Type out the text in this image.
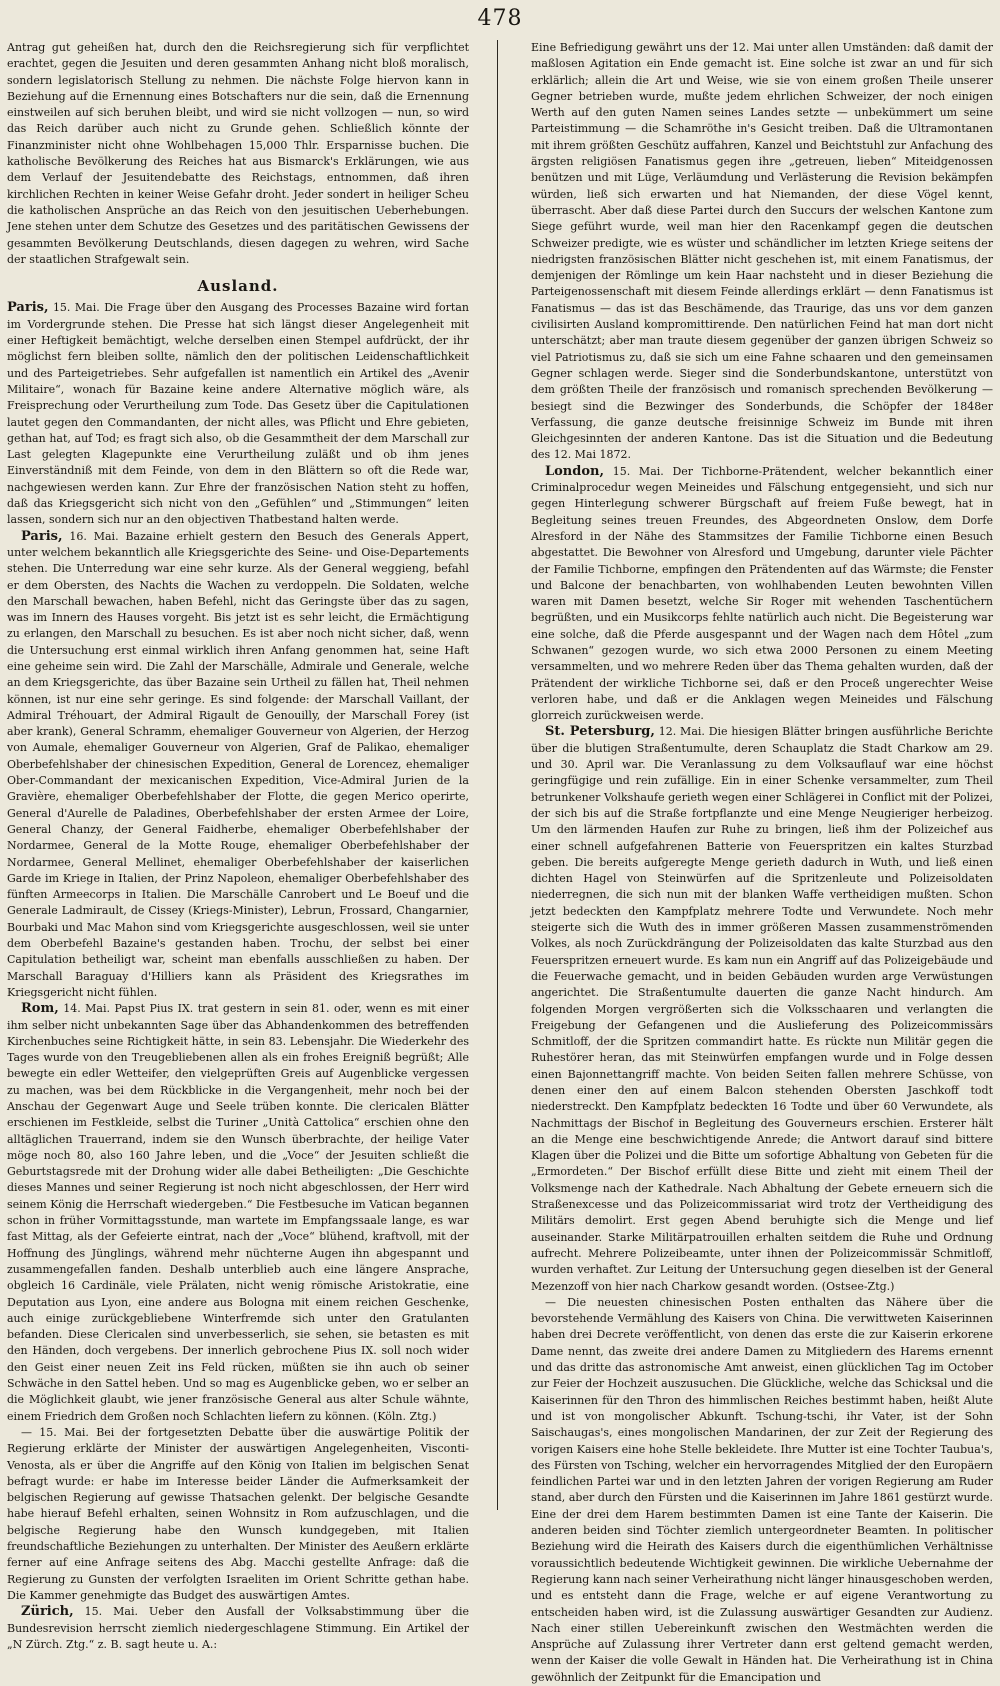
478

Antrag gut geheißen hat, durch den die Reichsregierung sich für verpflichtet erachtet, gegen die Jesuiten und deren gesammten Anhang nicht bloß moralisch, sondern legislatorisch Stellung zu nehmen. Die nächste Folge hiervon kann in Beziehung auf die Ernennung eines Botschafters nur die sein, daß die Ernennung einstweilen auf sich beruhen bleibt, und wird sie nicht vollzogen — nun, so wird das Reich darüber auch nicht zu Grunde gehen. Schließlich könnte der Finanzminister nicht ohne Wohlbehagen 15,000 Thlr. Ersparnisse buchen. Die katholische Bevölkerung des Reiches hat aus Bismarck's Erklärungen, wie aus dem Verlauf der Jesuitendebatte des Reichstags, entnommen, daß ihren kirchlichen Rechten in keiner Weise Gefahr droht. Jeder sondert in heiliger Scheu die katholischen Ansprüche an das Reich von den jesuitischen Ueberhebungen. Jene stehen unter dem Schutze des Gesetzes und des paritätischen Gewissens der gesammten Bevölkerung Deutschlands, diesen dagegen zu wehren, wird Sache der staatlichen Strafgewalt sein.

Ausland.

Paris, 15. Mai. Die Frage über den Ausgang des Processes Bazaine wird fortan im Vordergrunde stehen. Die Presse hat sich längst dieser Angelegenheit mit einer Heftigkeit bemächtigt, welche derselben einen Stempel aufdrückt, der ihr möglichst fern bleiben sollte, nämlich den der politischen Leidenschaftlichkeit und des Parteigetriebes. Sehr aufgefallen ist namentlich ein Artikel des „Avenir Militaire“, wonach für Bazaine keine andere Alternative möglich wäre, als Freisprechung oder Verurtheilung zum Tode. Das Gesetz über die Capitulationen lautet gegen den Commandanten, der nicht alles, was Pflicht und Ehre gebieten, gethan hat, auf Tod; es fragt sich also, ob die Gesammtheit der dem Marschall zur Last gelegten Klagepunkte eine Verurtheilung zuläßt und ob ihm jenes Einverständniß mit dem Feinde, von dem in den Blättern so oft die Rede war, nachgewiesen werden kann. Zur Ehre der französischen Nation steht zu hoffen, daß das Kriegsgericht sich nicht von den „Gefühlen“ und „Stimmungen“ leiten lassen, sondern sich nur an den objectiven Thatbestand halten werde.

Paris, 16. Mai. Bazaine erhielt gestern den Besuch des Generals Appert, unter welchem bekanntlich alle Kriegsgerichte des Seine- und Oise-Departements stehen. Die Unterredung war eine sehr kurze. Als der General weggieng, befahl er dem Obersten, des Nachts die Wachen zu verdoppeln. Die Soldaten, welche den Marschall bewachen, haben Befehl, nicht das Geringste über das zu sagen, was im Innern des Hauses vorgeht. Bis jetzt ist es sehr leicht, die Ermächtigung zu erlangen, den Marschall zu besuchen. Es ist aber noch nicht sicher, daß, wenn die Untersuchung erst einmal wirklich ihren Anfang genommen hat, seine Haft eine geheime sein wird. Die Zahl der Marschälle, Admirale und Generale, welche an dem Kriegsgerichte, das über Bazaine sein Urtheil zu fällen hat, Theil nehmen können, ist nur eine sehr geringe. Es sind folgende: der Marschall Vaillant, der Admiral Tréhouart, der Admiral Rigault de Genouilly, der Marschall Forey (ist aber krank), General Schramm, ehemaliger Gouverneur von Algerien, der Herzog von Aumale, ehemaliger Gouverneur von Algerien, Graf de Palikao, ehemaliger Oberbefehlshaber der chinesischen Expedition, General de Lorencez, ehemaliger Ober-Commandant der mexicanischen Expedition, Vice-Admiral Jurien de la Gravière, ehemaliger Oberbefehlshaber der Flotte, die gegen Merico operirte, General d'Aurelle de Paladines, Oberbefehlshaber der ersten Armee der Loire, General Chanzy, der General Faidherbe, ehemaliger Oberbefehlshaber der Nordarmee, General de la Motte Rouge, ehemaliger Oberbefehlshaber der Nordarmee, General Mellinet, ehemaliger Oberbefehlshaber der kaiserlichen Garde im Kriege in Italien, der Prinz Napoleon, ehemaliger Oberbefehlshaber des fünften Armeecorps in Italien. Die Marschälle Canrobert und Le Boeuf und die Generale Ladmirault, de Cissey (Kriegs-Minister), Lebrun, Frossard, Changarnier, Bourbaki und Mac Mahon sind vom Kriegsgerichte ausgeschlossen, weil sie unter dem Oberbefehl Bazaine's gestanden haben. Trochu, der selbst bei einer Capitulation betheiligt war, scheint man ebenfalls ausschließen zu haben. Der Marschall Baraguay d'Hilliers kann als Präsident des Kriegsrathes im Kriegsgericht nicht fühlen.

Rom, 14. Mai. Papst Pius IX. trat gestern in sein 81. oder, wenn es mit einer ihm selber nicht unbekannten Sage über das Abhandenkommen des betreffenden Kirchenbuches seine Richtigkeit hätte, in sein 83. Lebensjahr. Die Wiederkehr des Tages wurde von den Treugebliebenen allen als ein frohes Ereigniß begrüßt; Alle bewegte ein edler Wetteifer, den vielgeprüften Greis auf Augenblicke vergessen zu machen, was bei dem Rückblicke in die Vergangenheit, mehr noch bei der Anschau der Gegenwart Auge und Seele trüben konnte. Die clericalen Blätter erschienen im Festkleide, selbst die Turiner „Unità Cattolica“ erschien ohne den alltäglichen Trauerrand, indem sie den Wunsch überbrachte, der heilige Vater möge noch 80, also 160 Jahre leben, und die „Voce“ der Jesuiten schließt die Geburtstagsrede mit der Drohung wider alle dabei Betheiligten: „Die Geschichte dieses Mannes und seiner Regierung ist noch nicht abgeschlossen, der Herr wird seinem König die Herrschaft wiedergeben.“ Die Festbesuche im Vatican begannen schon in früher Vormittagsstunde, man wartete im Empfangssaale lange, es war fast Mittag, als der Gefeierte eintrat, nach der „Voce“ blühend, kraftvoll, mit der Hoffnung des Jünglings, während mehr nüchterne Augen ihn abgespannt und zusammengefallen fanden. Deshalb unterblieb auch eine längere Ansprache, obgleich 16 Cardinäle, viele Prälaten, nicht wenig römische Aristokratie, eine Deputation aus Lyon, eine andere aus Bologna mit einem reichen Geschenke, auch einige zurückgebliebene Winterfremde sich unter den Gratulanten befanden. Diese Clericalen sind unverbesserlich, sie sehen, sie betasten es mit den Händen, doch vergebens. Der innerlich gebrochene Pius IX. soll noch wider den Geist einer neuen Zeit ins Feld rücken, müßten sie ihn auch ob seiner Schwäche in den Sattel heben. Und so mag es Augenblicke geben, wo er selber an die Möglichkeit glaubt, wie jener französische General aus alter Schule wähnte, einem Friedrich dem Großen noch Schlachten liefern zu können. (Köln. Ztg.)

— 15. Mai. Bei der fortgesetzten Debatte über die auswärtige Politik der Regierung erklärte der Minister der auswärtigen Angelegenheiten, Visconti-Venosta, als er über die Angriffe auf den König von Italien im belgischen Senat befragt wurde: er habe im Interesse beider Länder die Aufmerksamkeit der belgischen Regierung auf gewisse Thatsachen gelenkt. Der belgische Gesandte habe hierauf Befehl erhalten, seinen Wohnsitz in Rom aufzuschlagen, und die belgische Regierung habe den Wunsch kundgegeben, mit Italien freundschaftliche Beziehungen zu unterhalten. Der Minister des Aeußern erklärte ferner auf eine Anfrage seitens des Abg. Macchi gestellte Anfrage: daß die Regierung zu Gunsten der verfolgten Israeliten im Orient Schritte gethan habe. Die Kammer genehmigte das Budget des auswärtigen Amtes.

Zürich, 15. Mai. Ueber den Ausfall der Volksabstimmung über die Bundesrevision herrscht ziemlich niedergeschlagene Stimmung. Ein Artikel der „N Zürch. Ztg.“ z. B. sagt heute u. A.:

Eine Befriedigung gewährt uns der 12. Mai unter allen Umständen: daß damit der maßlosen Agitation ein Ende gemacht ist. Eine solche ist zwar an und für sich erklärlich; allein die Art und Weise, wie sie von einem großen Theile unserer Gegner betrieben wurde, mußte jedem ehrlichen Schweizer, der noch einigen Werth auf den guten Namen seines Landes setzte — unbekümmert um seine Parteistimmung — die Schamröthe in's Gesicht treiben. Daß die Ultramontanen mit ihrem größten Geschütz auffahren, Kanzel und Beichtstuhl zur Anfachung des ärgsten religiösen Fanatismus gegen ihre „getreuen, lieben“ Miteidgenossen benützen und mit Lüge, Verläumdung und Verlästerung die Revision bekämpfen würden, ließ sich erwarten und hat Niemanden, der diese Vögel kennt, überrascht. Aber daß diese Partei durch den Succurs der welschen Kantone zum Siege geführt wurde, weil man hier den Racenkampf gegen die deutschen Schweizer predigte, wie es wüster und schändlicher im letzten Kriege seitens der niedrigsten französischen Blätter nicht geschehen ist, mit einem Fanatismus, der demjenigen der Römlinge um kein Haar nachsteht und in dieser Beziehung die Parteigenossenschaft mit diesem Feinde allerdings erklärt — denn Fanatismus ist Fanatismus — das ist das Beschämende, das Traurige, das uns vor dem ganzen civilisirten Ausland kompromittirende. Den natürlichen Feind hat man dort nicht unterschätzt; aber man traute diesem gegenüber der ganzen übrigen Schweiz so viel Patriotismus zu, daß sie sich um eine Fahne schaaren und den gemeinsamen Gegner schlagen werde. Sieger sind die Sonderbundskantone, unterstützt von dem größten Theile der französisch und romanisch sprechenden Bevölkerung — besiegt sind die Bezwinger des Sonderbunds, die Schöpfer der 1848er Verfassung, die ganze deutsche freisinnige Schweiz im Bunde mit ihren Gleichgesinnten der anderen Kantone. Das ist die Situation und die Bedeutung des 12. Mai 1872.

London, 15. Mai. Der Tichborne-Prätendent, welcher bekanntlich einer Criminalprocedur wegen Meineides und Fälschung entgegensieht, und sich nur gegen Hinterlegung schwerer Bürgschaft auf freiem Fuße bewegt, hat in Begleitung seines treuen Freundes, des Abgeordneten Onslow, dem Dorfe Alresford in der Nähe des Stammsitzes der Familie Tichborne einen Besuch abgestattet. Die Bewohner von Alresford und Umgebung, darunter viele Pächter der Familie Tichborne, empfingen den Prätendenten auf das Wärmste; die Fenster und Balcone der benachbarten, von wohlhabenden Leuten bewohnten Villen waren mit Damen besetzt, welche Sir Roger mit wehenden Taschentüchern begrüßten, und ein Musikcorps fehlte natürlich auch nicht. Die Begeisterung war eine solche, daß die Pferde ausgespannt und der Wagen nach dem Hôtel „zum Schwanen“ gezogen wurde, wo sich etwa 2000 Personen zu einem Meeting versammelten, und wo mehrere Reden über das Thema gehalten wurden, daß der Prätendent der wirkliche Tichborne sei, daß er den Proceß ungerechter Weise verloren habe, und daß er die Anklagen wegen Meineides und Fälschung glorreich zurückweisen werde.

St. Petersburg, 12. Mai. Die hiesigen Blätter bringen ausführliche Berichte über die blutigen Straßentumulte, deren Schauplatz die Stadt Charkow am 29. und 30. April war. Die Veranlassung zu dem Volksauflauf war eine höchst geringfügige und rein zufällige. Ein in einer Schenke versammelter, zum Theil betrunkener Volkshaufe gerieth wegen einer Schlägerei in Conflict mit der Polizei, der sich bis auf die Straße fortpflanzte und eine Menge Neugieriger herbeizog. Um den lärmenden Haufen zur Ruhe zu bringen, ließ ihm der Polizeichef aus einer schnell aufgefahrenen Batterie von Feuerspritzen ein kaltes Sturzbad geben. Die bereits aufgeregte Menge gerieth dadurch in Wuth, und ließ einen dichten Hagel von Steinwürfen auf die Spritzenleute und Polizeisoldaten niederregnen, die sich nun mit der blanken Waffe vertheidigen mußten. Schon jetzt bedeckten den Kampfplatz mehrere Todte und Verwundete. Noch mehr steigerte sich die Wuth des in immer größeren Massen zusammenströmenden Volkes, als noch Zurückdrängung der Polizeisoldaten das kalte Sturzbad aus den Feuerspritzen erneuert wurde. Es kam nun ein Angriff auf das Polizeigebäude und die Feuerwache gemacht, und in beiden Gebäuden wurden arge Verwüstungen angerichtet. Die Straßentumulte dauerten die ganze Nacht hindurch. Am folgenden Morgen vergrößerten sich die Volksschaaren und verlangten die Freigebung der Gefangenen und die Auslieferung des Polizeicommissärs Schmitloff, der die Spritzen commandirt hatte. Es rückte nun Militär gegen die Ruhestörer heran, das mit Steinwürfen empfangen wurde und in Folge dessen einen Bajonnettangriff machte. Von beiden Seiten fallen mehrere Schüsse, von denen einer den auf einem Balcon stehenden Obersten Jaschkoff todt niederstreckt. Den Kampfplatz bedeckten 16 Todte und über 60 Verwundete, als Nachmittags der Bischof in Begleitung des Gouverneurs erschien. Ersterer hält an die Menge eine beschwichtigende Anrede; die Antwort darauf sind bittere Klagen über die Polizei und die Bitte um sofortige Abhaltung von Gebeten für die „Ermordeten.“ Der Bischof erfüllt diese Bitte und zieht mit einem Theil der Volksmenge nach der Kathedrale. Nach Abhaltung der Gebete erneuern sich die Straßenexcesse und das Polizeicommissariat wird trotz der Vertheidigung des Militärs demolirt. Erst gegen Abend beruhigte sich die Menge und lief auseinander. Starke Militärpatrouillen erhalten seitdem die Ruhe und Ordnung aufrecht. Mehrere Polizeibeamte, unter ihnen der Polizeicommissär Schmitloff, wurden verhaftet. Zur Leitung der Untersuchung gegen dieselben ist der General Mezenzoff von hier nach Charkow gesandt worden. (Ostsee-Ztg.)

— Die neuesten chinesischen Posten enthalten das Nähere über die bevorstehende Vermählung des Kaisers von China. Die verwittweten Kaiserinnen haben drei Decrete veröffentlicht, von denen das erste die zur Kaiserin erkorene Dame nennt, das zweite drei andere Damen zu Mitgliedern des Harems ernennt und das dritte das astronomische Amt anweist, einen glücklichen Tag im October zur Feier der Hochzeit auszusuchen. Die Glückliche, welche das Schicksal und die Kaiserinnen für den Thron des himmlischen Reiches bestimmt haben, heißt Alute und ist von mongolischer Abkunft. Tschung-tschi, ihr Vater, ist der Sohn Saischaugas's, eines mongolischen Mandarinen, der zur Zeit der Regierung des vorigen Kaisers eine hohe Stelle bekleidete. Ihre Mutter ist eine Tochter Taubua's, des Fürsten von Tsching, welcher ein hervorragendes Mitglied der den Europäern feindlichen Partei war und in den letzten Jahren der vorigen Regierung am Ruder stand, aber durch den Fürsten und die Kaiserinnen im Jahre 1861 gestürzt wurde. Eine der drei dem Harem bestimmten Damen ist eine Tante der Kaiserin. Die anderen beiden sind Töchter ziemlich untergeordneter Beamten. In politischer Beziehung wird die Heirath des Kaisers durch die eigenthümlichen Verhältnisse voraussichtlich bedeutende Wichtigkeit gewinnen. Die wirkliche Uebernahme der Regierung kann nach seiner Verheirathung nicht länger hinausgeschoben werden, und es entsteht dann die Frage, welche er auf eigene Verantwortung zu entscheiden haben wird, ist die Zulassung auswärtiger Gesandten zur Audienz. Nach einer stillen Uebereinkunft zwischen den Westmächten werden die Ansprüche auf Zulassung ihrer Vertreter dann erst geltend gemacht werden, wenn der Kaiser die volle Gewalt in Händen hat. Die Verheirathung ist in China gewöhnlich der Zeitpunkt für die Emancipation und
